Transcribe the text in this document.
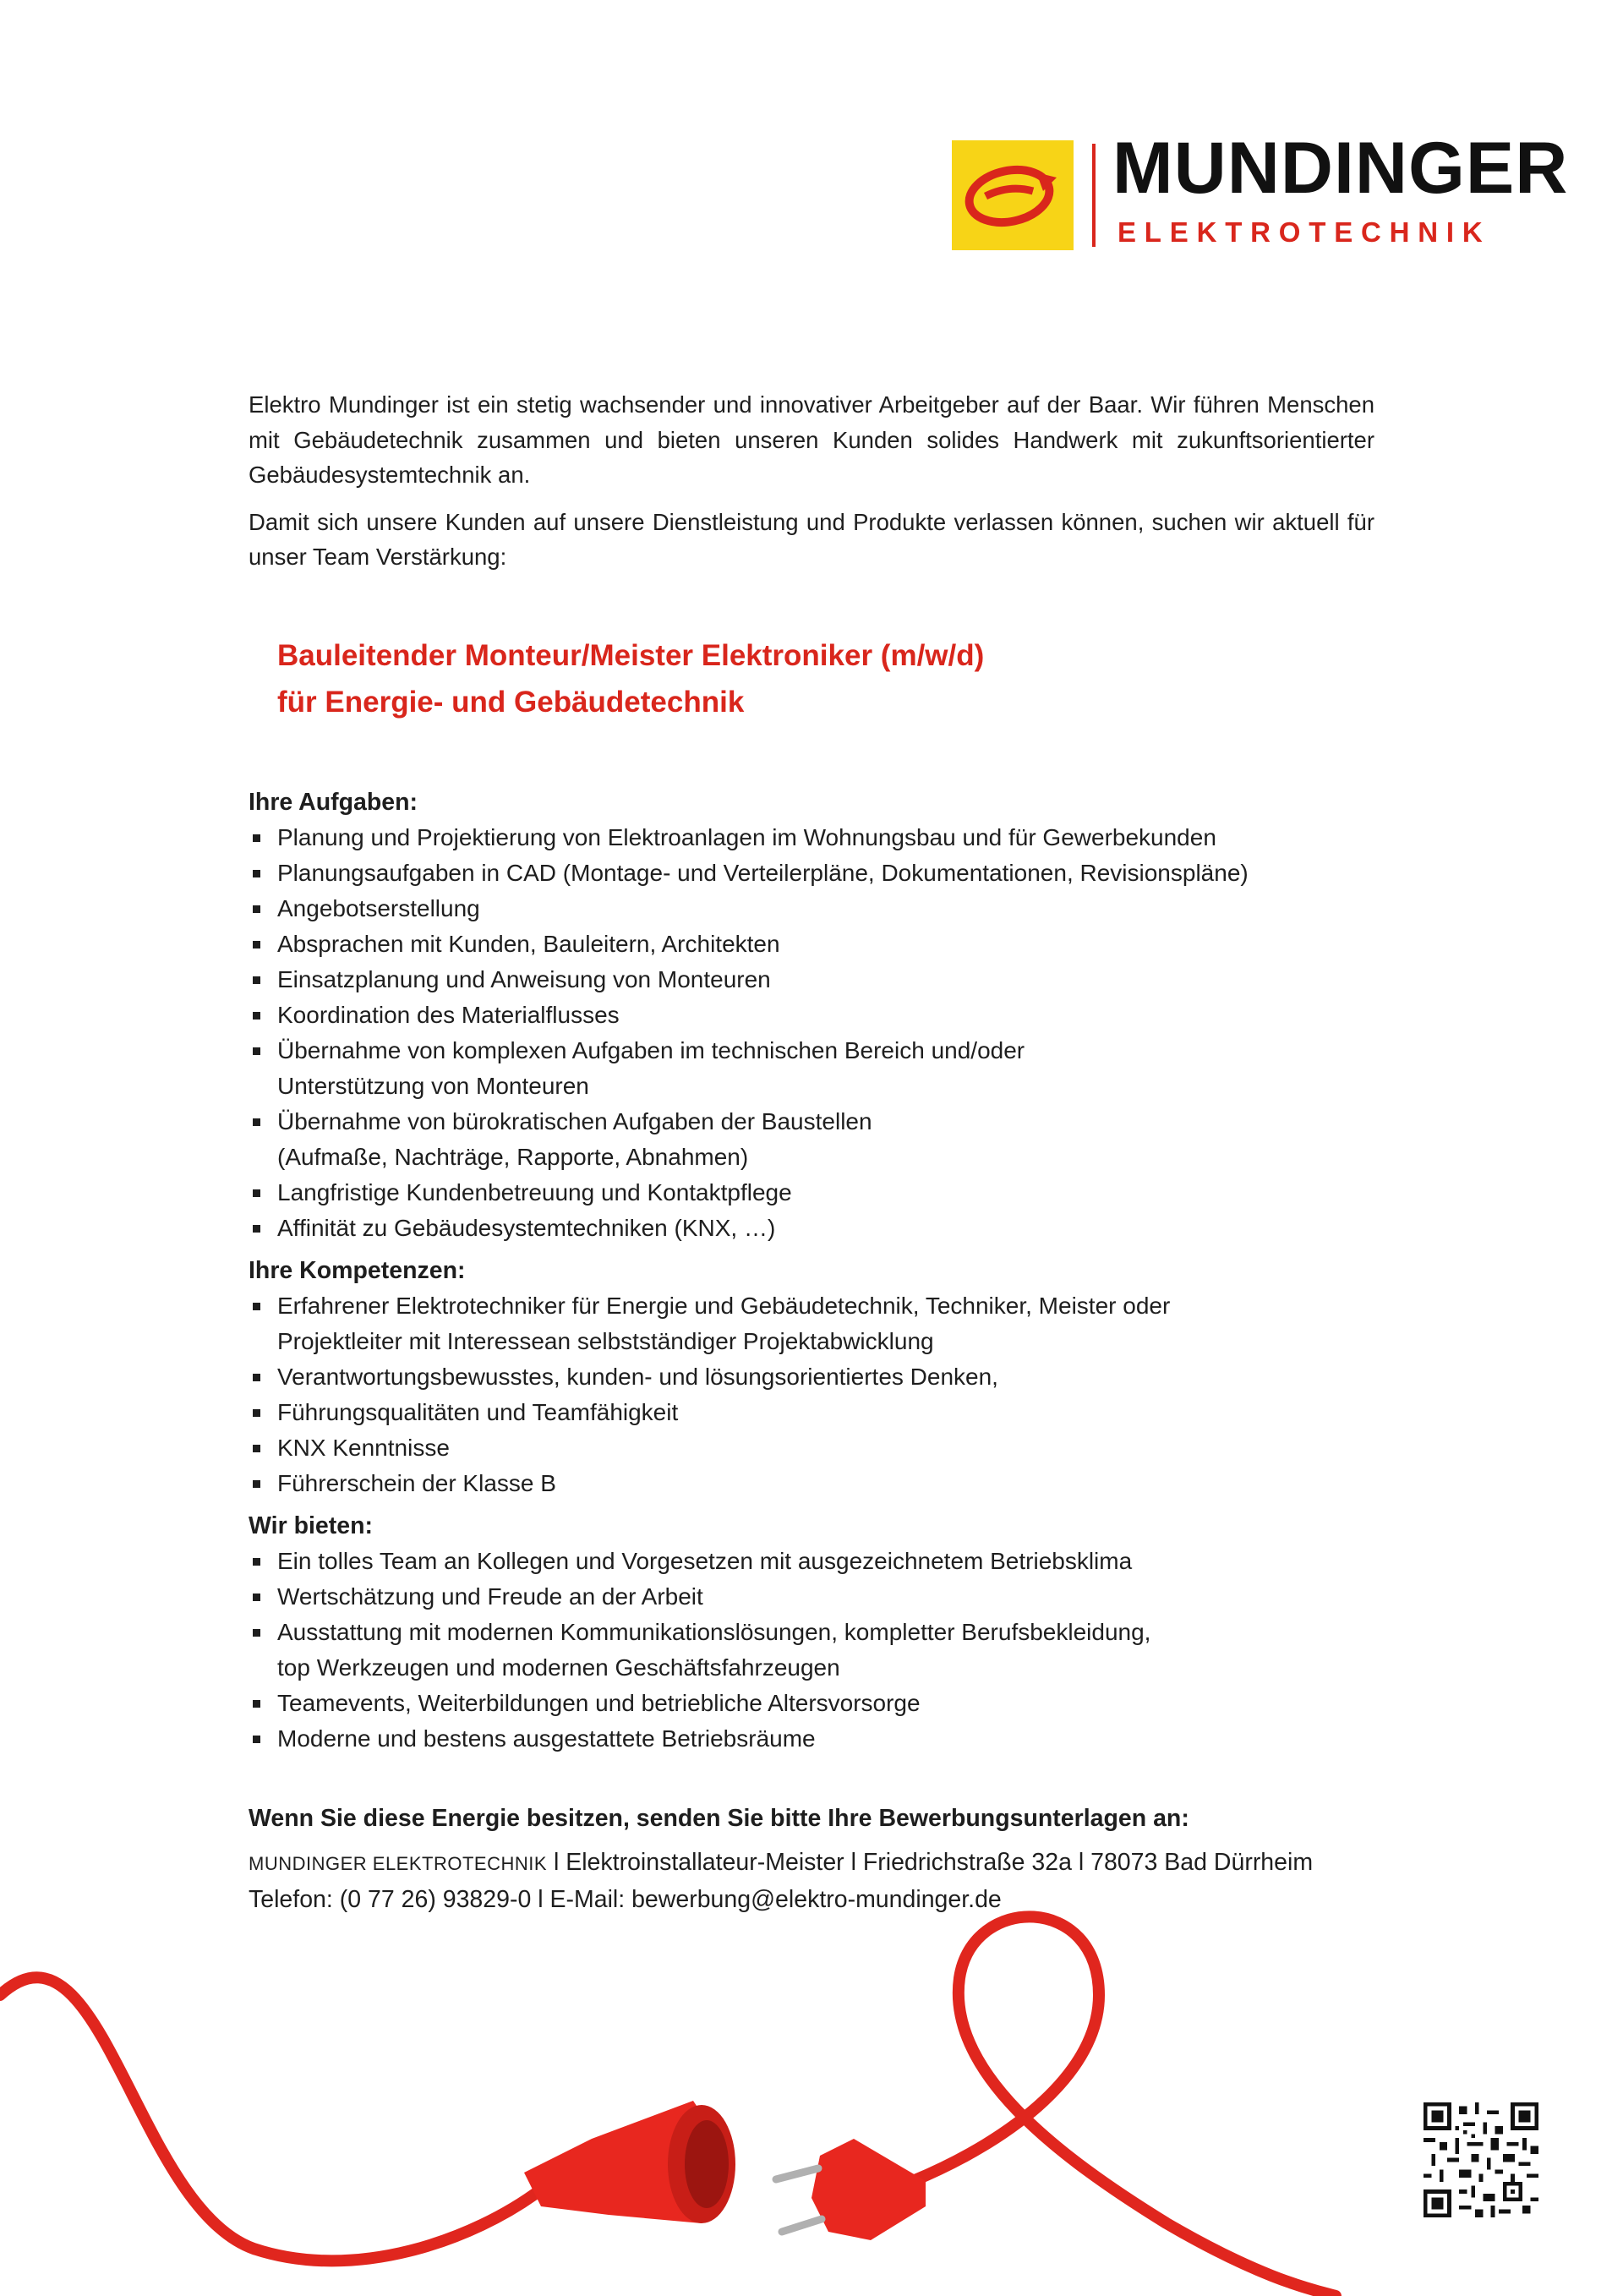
MUNDINGER
ELEKTROTECHNIK

Elektro Mundinger ist ein stetig wachsender und innovativer Arbeitgeber auf der Baar. Wir führen Menschen mit Gebäudetechnik zusammen und bieten unseren Kunden solides Handwerk mit zukunftsorientierter Gebäudesystemtechnik an.

Damit sich unsere Kunden auf unsere Dienstleistung und Produkte verlassen können, suchen wir aktuell für unser Team Verstärkung:

Bauleitender Monteur/Meister Elektroniker (m/w/d)
für Energie- und Gebäudetechnik
Ihre Aufgaben:
Planung und Projektierung von Elektroanlagen im Wohnungsbau und für Gewerbekunden
Planungsaufgaben in CAD (Montage- und Verteilerpläne, Dokumentationen, Revisionspläne)
Angebotserstellung
Absprachen mit Kunden, Bauleitern, Architekten
Einsatzplanung und Anweisung von Monteuren
Koordination des Materialflusses
Übernahme von komplexen Aufgaben im technischen Bereich und/oder
Unterstützung von Monteuren
Übernahme von bürokratischen Aufgaben der Baustellen
(Aufmaße, Nachträge, Rapporte, Abnahmen)
Langfristige Kundenbetreuung und Kontaktpflege
Affinität zu Gebäudesystemtechniken (KNX, …)
Ihre Kompetenzen:
Erfahrener Elektrotechniker für Energie und Gebäudetechnik, Techniker, Meister oder
Projektleiter mit Interessean selbstständiger Projektabwicklung
Verantwortungsbewusstes, kunden- und lösungsorientiertes Denken,
Führungsqualitäten und Teamfähigkeit
KNX Kenntnisse
Führerschein der Klasse B
Wir bieten:
Ein tolles Team an Kollegen und Vorgesetzen mit ausgezeichnetem Betriebsklima
Wertschätzung und Freude an der Arbeit
Ausstattung mit modernen Kommunikationslösungen, kompletter Berufsbekleidung,
top Werkzeugen und modernen Geschäftsfahrzeugen
Teamevents, Weiterbildungen und betriebliche Altersvorsorge
Moderne und bestens ausgestattete Betriebsräume
Wenn Sie diese Energie besitzen, senden Sie bitte Ihre Bewerbungsunterlagen an:
MUNDINGER ELEKTROTECHNIK l Elektroinstallateur-Meister l Friedrichstraße 32a l 78073 Bad Dürrheim
Telefon: (0 77 26) 93829-0 l E-Mail: bewerbung@elektro-mundinger.de
